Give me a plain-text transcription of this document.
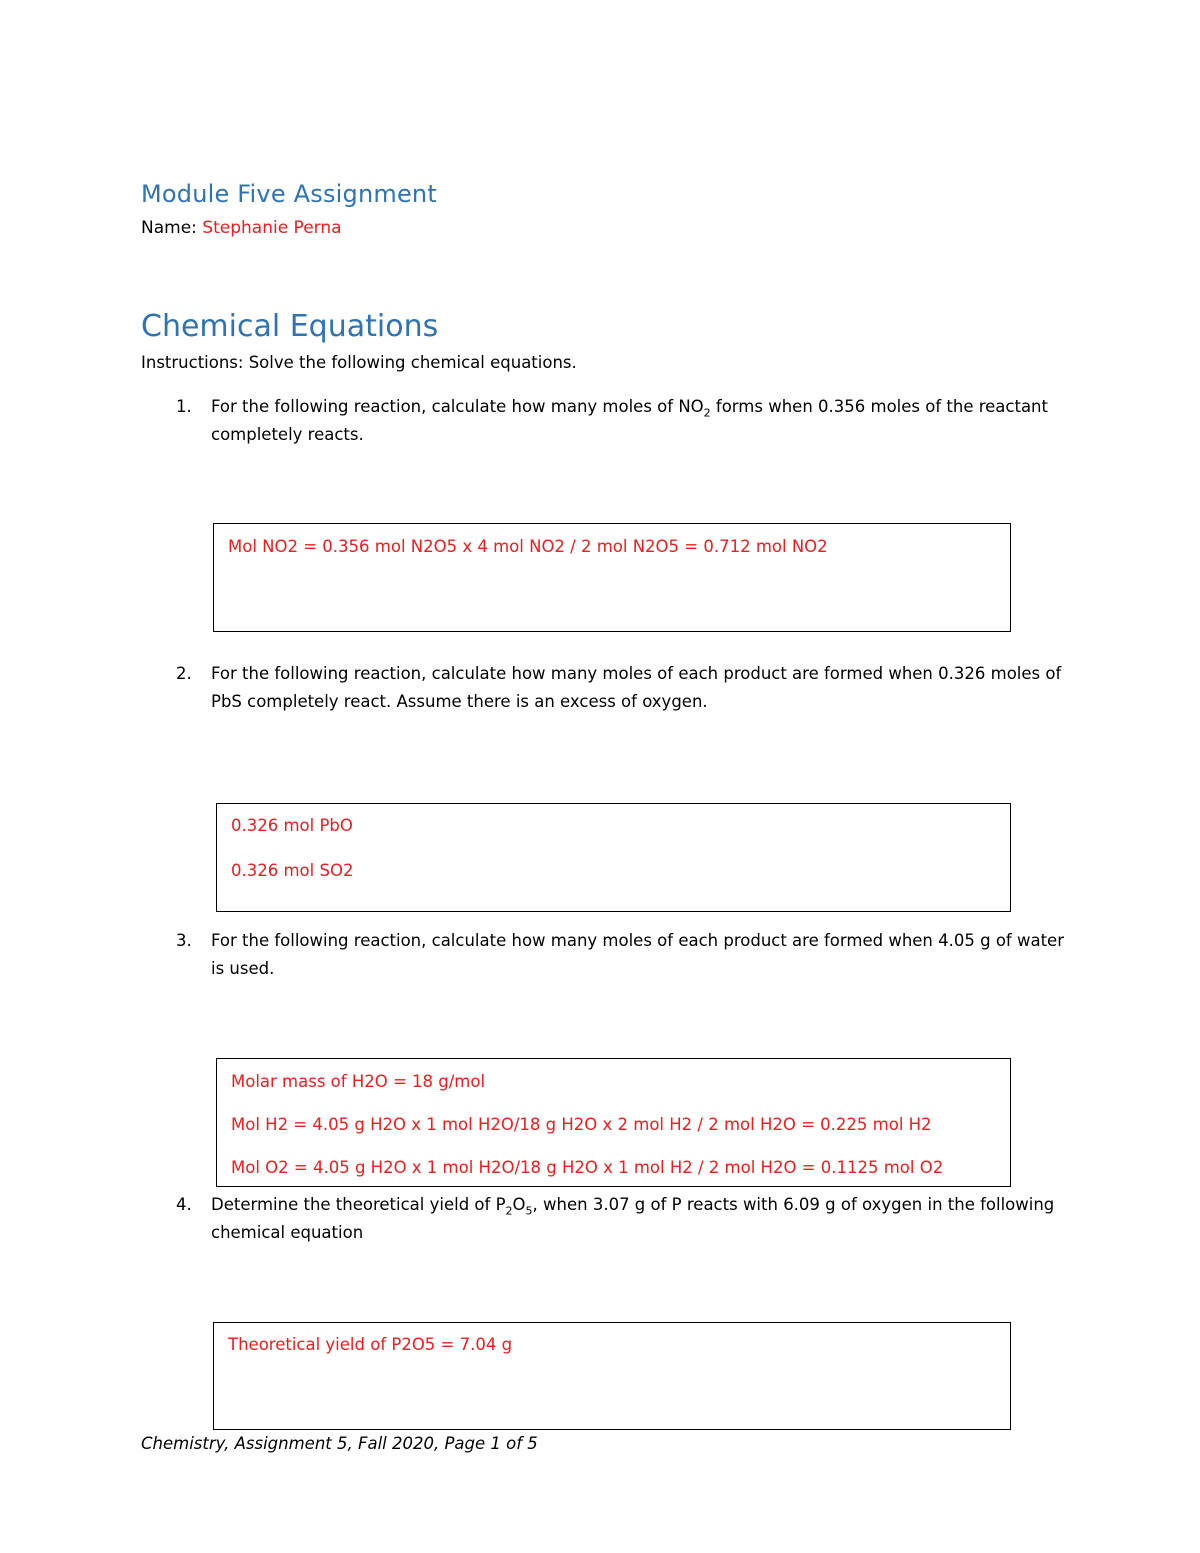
Module Five Assignment
Name: Stephanie Perna
Chemical Equations
Instructions: Solve the following chemical equations.
1. For the following reaction, calculate how many moles of $NO_2$ forms when 0.356 moles of the reactant completely reacts.
Mol NO2 = 0.356 mol N2O5 x 4 mol NO2 / 2 mol N2O5 = 0.712 mol NO2
2. For the following reaction, calculate how many moles of each product are formed when 0.326 moles of PbS completely react. Assume there is an excess of oxygen.
0.326 mol PbO
0.326 mol SO2
3. For the following reaction, calculate how many moles of each product are formed when 4.05 g of water is used.
Molar mass of H2O = 18 g/mol
Mol H2 = 4.05 g H2O x 1 mol H2O/18 g H2O x 2 mol H2 / 2 mol H2O = 0.225 mol H2
Mol O2 = 4.05 g H2O x 1 mol H2O/18 g H2O x 1 mol H2 / 2 mol H2O = 0.1125 mol O2
4. Determine the theoretical yield of $P_2O_5$, when 3.07 g of P reacts with 6.09 g of oxygen in the following chemical equation
Theoretical yield of P2O5 = 7.04 g
Chemistry, Assignment 5, Fall 2020, Page 1 of 5
